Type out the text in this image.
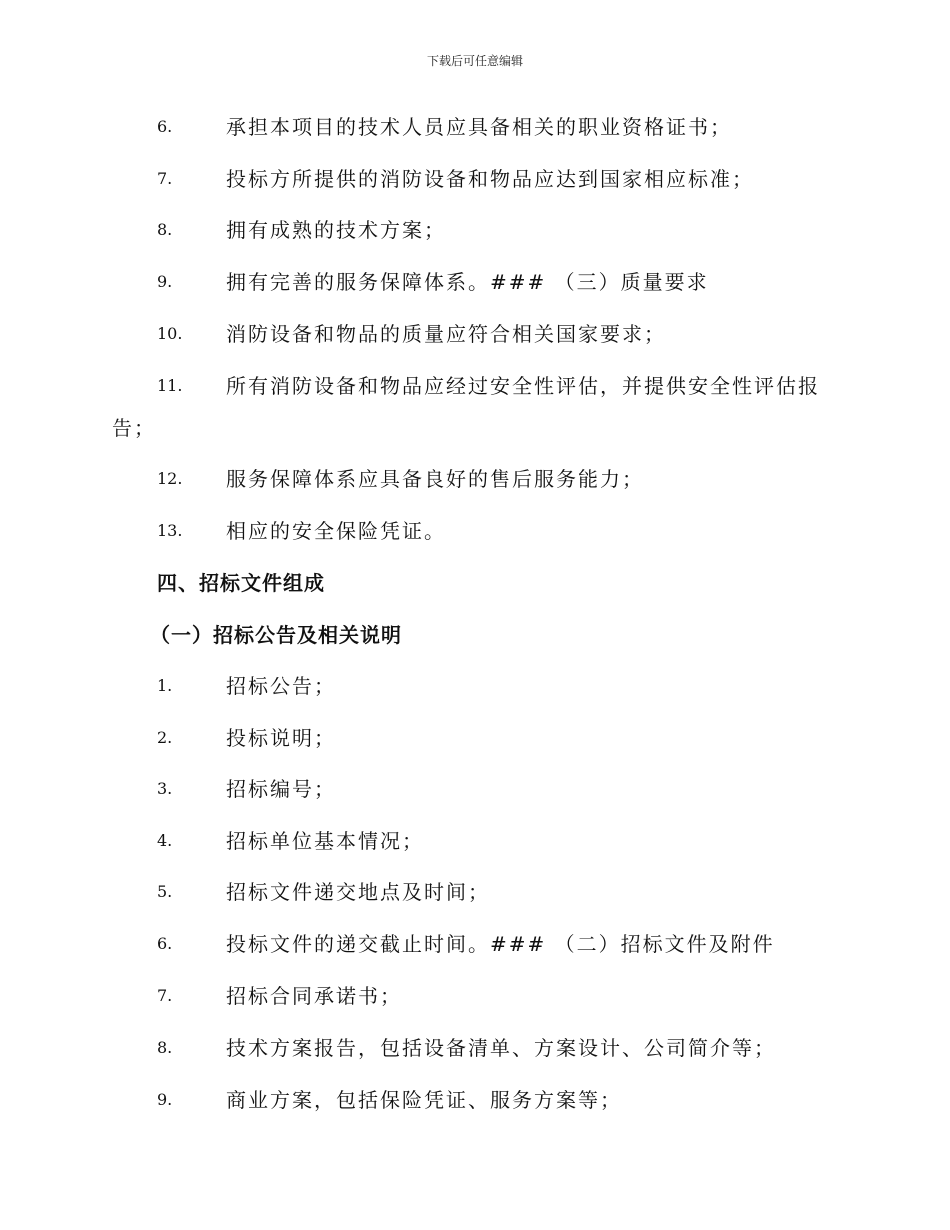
下载后可任意编辑
6.	承担本项目的技术人员应具备相关的职业资格证书；
7.	投标方所提供的消防设备和物品应达到国家相应标准；
8.	拥有成熟的技术方案；
9.	拥有完善的服务保障体系。### （三）质量要求
10. 消防设备和物品的质量应符合相关国家要求；
11. 所有消防设备和物品应经过安全性评估，并提供安全性评估报
告；
12. 服务保障体系应具备良好的售后服务能力；
13. 相应的安全保险凭证。
四、招标文件组成
（一）招标公告及相关说明
1.	招标公告；
2.	投标说明；
3.	招标编号；
4.	招标单位基本情况；
5.	招标文件递交地点及时间；
6.	投标文件的递交截止时间。### （二）招标文件及附件
7.	招标合同承诺书；
8.	技术方案报告，包括设备清单、方案设计、公司简介等；
9.	商业方案，包括保险凭证、服务方案等；
